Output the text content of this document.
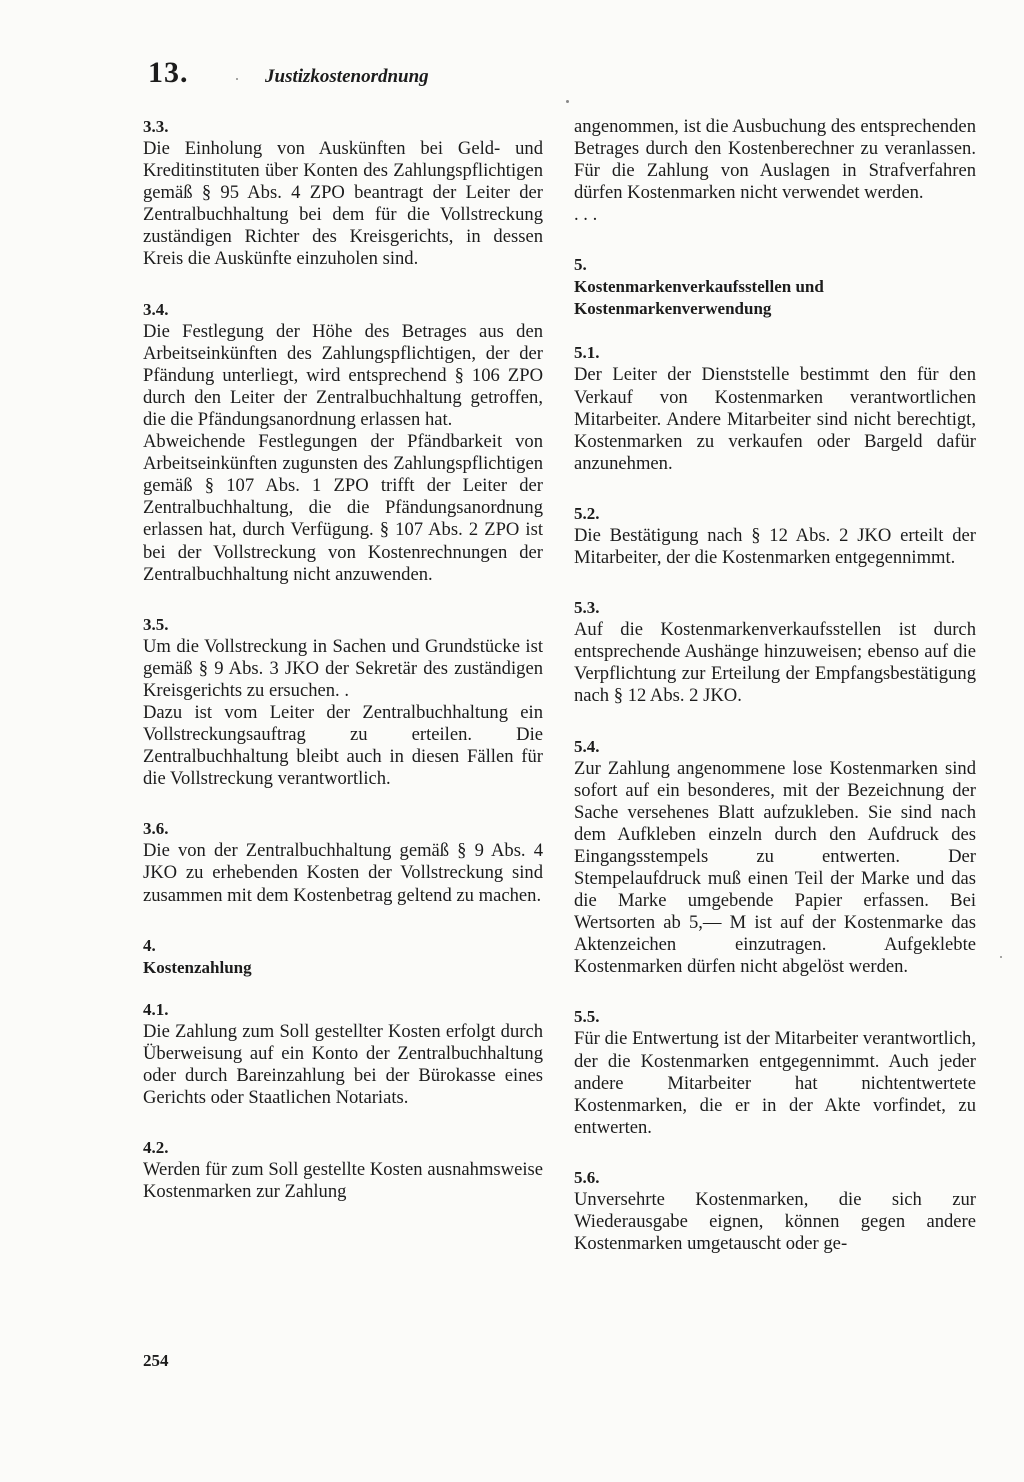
13.	Justizkostenordnung
3.3.

Die Einholung von Auskünften bei Geld- und Kreditinstituten über Konten des Zahlungspflichtigen gemäß § 95 Abs. 4 ZPO beantragt der Leiter der Zentralbuchhaltung bei dem für die Vollstreckung zuständigen Richter des Kreisgerichts, in dessen Kreis die Auskünfte einzuholen sind.

3.4.

Die Festlegung der Höhe des Betrages aus den Arbeitseinkünften des Zahlungspflichtigen, der der Pfändung unterliegt, wird entsprechend § 106 ZPO durch den Leiter der Zentralbuchhaltung getroffen, die die Pfändungsanordnung erlassen hat.

Abweichende Festlegungen der Pfändbarkeit von Arbeitseinkünften zugunsten des Zahlungspflichtigen gemäß § 107 Abs. 1 ZPO trifft der Leiter der Zentralbuchhaltung, die die Pfändungsanordnung erlassen hat, durch Verfügung. § 107 Abs. 2 ZPO ist bei der Vollstreckung von Kostenrechnungen der Zentralbuchhaltung nicht anzuwenden.

3.5.

Um die Vollstreckung in Sachen und Grundstücke ist gemäß § 9 Abs. 3 JKO der Sekretär des zuständigen Kreisgerichts zu ersuchen. .

Dazu ist vom Leiter der Zentralbuchhaltung ein Vollstreckungsauftrag zu erteilen. Die Zentralbuchhaltung bleibt auch in diesen Fällen für die Vollstreckung verantwortlich.

3.6.

Die von der Zentralbuchhaltung gemäß § 9 Abs. 4 JKO zu erhebenden Kosten der Vollstreckung sind zusammen mit dem Kostenbetrag geltend zu machen.

4.
Kostenzahlung
4.1.

Die Zahlung zum Soll gestellter Kosten erfolgt durch Überweisung auf ein Konto der Zentralbuchhaltung oder durch Bareinzahlung bei der Bürokasse eines Gerichts oder Staatlichen Notariats.

4.2.

Werden für zum Soll gestellte Kosten ausnahmsweise Kostenmarken zur Zahlung

angenommen, ist die Ausbuchung des entsprechenden Betrages durch den Kostenberechner zu veranlassen. Für die Zahlung von Auslagen in Strafverfahren dürfen Kostenmarken nicht verwendet werden.

. . .

5.
Kostenmarkenverkaufsstellen und Kostenmarkenverwendung
5.1.

Der Leiter der Dienststelle bestimmt den für den Verkauf von Kostenmarken verantwortlichen Mitarbeiter. Andere Mitarbeiter sind nicht berechtigt, Kostenmarken zu verkaufen oder Bargeld dafür anzunehmen.

5.2.

Die Bestätigung nach § 12 Abs. 2 JKO erteilt der Mitarbeiter, der die Kostenmarken entgegennimmt.

5.3.

Auf die Kostenmarkenverkaufsstellen ist durch entsprechende Aushänge hinzuweisen; ebenso auf die Verpflichtung zur Erteilung der Empfangsbestätigung nach § 12 Abs. 2 JKO.

5.4.

Zur Zahlung angenommene lose Kostenmarken sind sofort auf ein besonderes, mit der Bezeichnung der Sache versehenes Blatt aufzukleben. Sie sind nach dem Aufkleben einzeln durch den Aufdruck des Eingangsstempels zu entwerten. Der Stempelaufdruck muß einen Teil der Marke und das die Marke umgebende Papier erfassen. Bei Wertsorten ab 5,— M ist auf der Kostenmarke das Aktenzeichen einzutragen. Aufgeklebte Kostenmarken dürfen nicht abgelöst werden.

5.5.

Für die Entwertung ist der Mitarbeiter verantwortlich, der die Kostenmarken entgegennimmt. Auch jeder andere Mitarbeiter hat nichtentwertete Kostenmarken, die er in der Akte vorfindet, zu entwerten.

5.6.

Unversehrte Kostenmarken, die sich zur Wiederausgabe eignen, können gegen andere Kostenmarken umgetauscht oder ge-

254
